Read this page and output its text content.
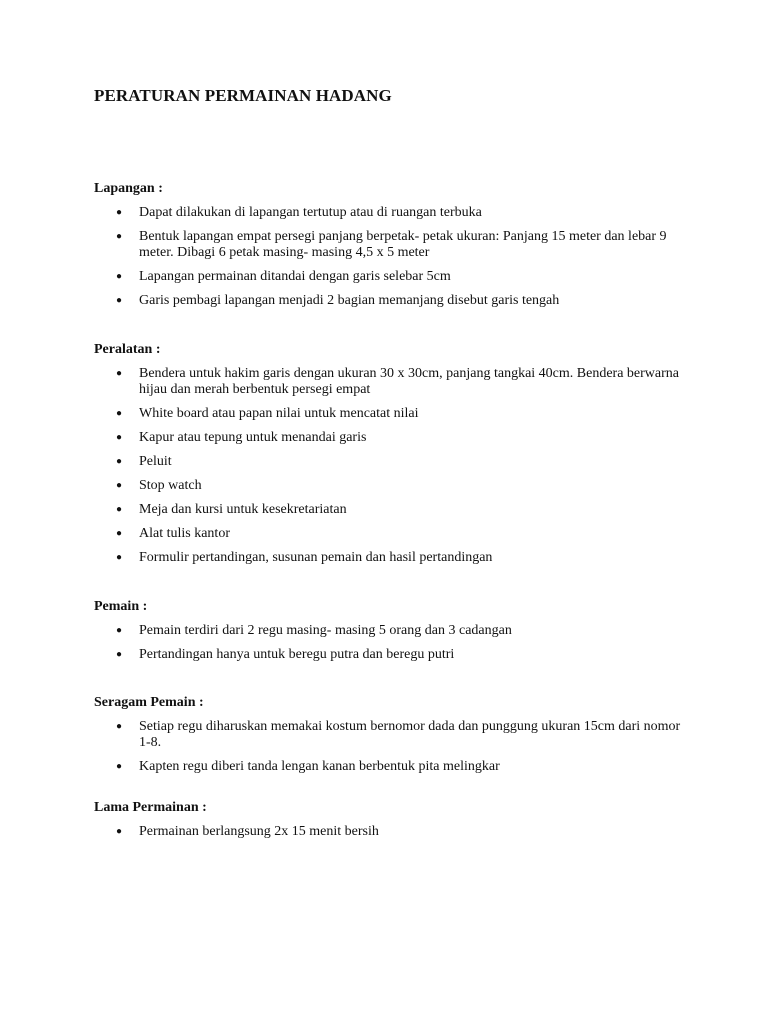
PERATURAN PERMAINAN HADANG
Lapangan :
● Dapat dilakukan di lapangan tertutup atau di ruangan terbuka
● Bentuk lapangan empat persegi panjang berpetak- petak ukuran: Panjang 15 meter dan lebar 9 meter. Dibagi 6 petak masing- masing 4,5 x 5 meter
● Lapangan permainan ditandai dengan garis selebar 5cm
● Garis pembagi lapangan menjadi 2 bagian memanjang disebut garis tengah
Peralatan :
● Bendera untuk hakim garis dengan ukuran 30 x 30cm, panjang tangkai 40cm. Bendera berwarna hijau dan merah berbentuk persegi empat
● White board atau papan nilai untuk mencatat nilai
● Kapur atau tepung untuk menandai garis
● Peluit
● Stop watch
● Meja dan kursi untuk kesekretariatan
● Alat tulis kantor
● Formulir pertandingan, susunan pemain dan hasil pertandingan
Pemain :
● Pemain terdiri dari 2 regu masing- masing 5 orang dan 3 cadangan
● Pertandingan hanya untuk beregu putra dan beregu putri
Seragam Pemain :
● Setiap regu diharuskan memakai kostum bernomor dada dan punggung ukuran 15cm dari nomor 1-8.
● Kapten regu diberi tanda lengan kanan berbentuk pita melingkar
Lama Permainan :
● Permainan berlangsung 2x 15 menit bersih
